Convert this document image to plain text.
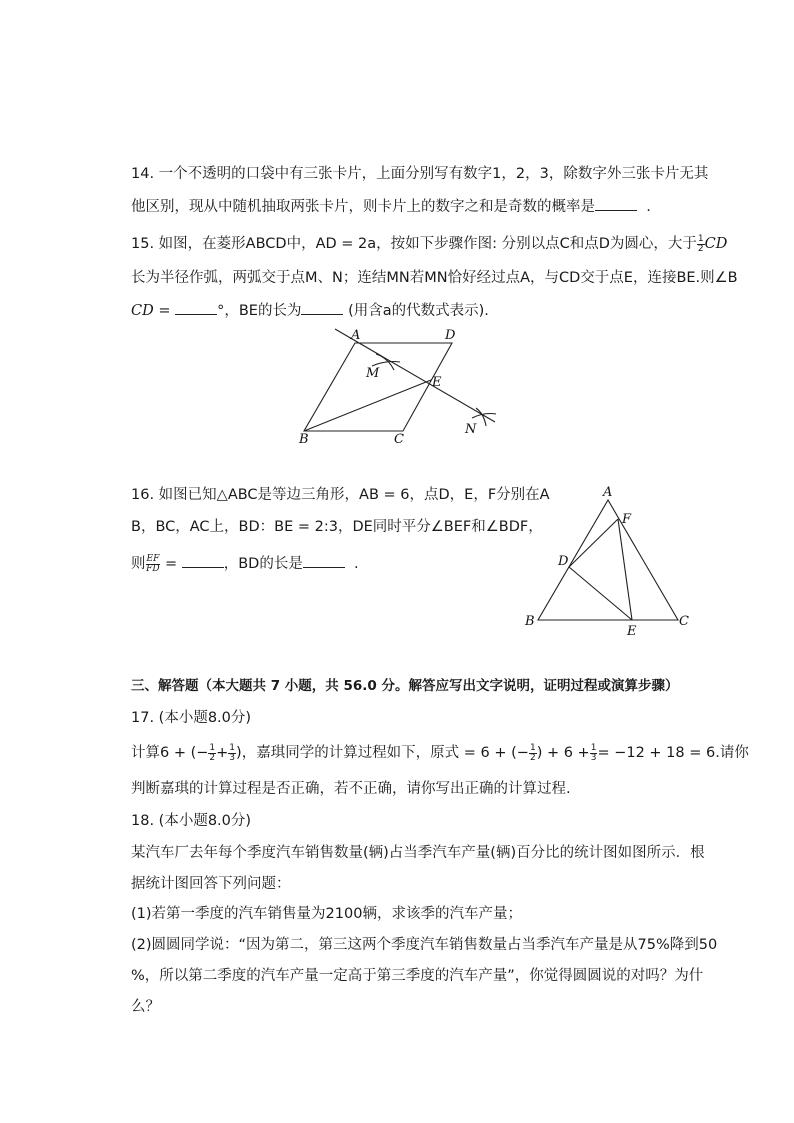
14. 一个不透明的口袋中有三张卡片，上面分别写有数字1，2，3，除数字外三张卡片无其
他区别，现从中随机抽取两张卡片，则卡片上的数字之和是奇数的概率是	.
15. 如图，在菱形ABCD中，AD = 2a，按如下步骤作图: 分别以点C和点D为圆心，大于 $\frac{1}{2}$ CD
长为半径作弧，两弧交于点M、N；连结MN若MN恰好经过点A，与CD交于点E，连接BE.则∠B
CD =	°，BE的长为	(用含a的代数式表示).
A	D
M
E
B	C
N
16. 如图已知△ABC是等边三角形，AB = 6，点D，E，F分别在A
B，BC，AC上，BD：BE = 2:3，DE同时平分∠BEF和∠BDF，
则 $\frac{EF}{FD}$ =	，BD的长是	.
A
F
D
B
E
C
三、解答题（本大题共 7 小题，共 56.0 分。解答应写出文字说明，证明过程或演算步骤）
17. (本小题8.0分)
计算6 + (− $\frac{1}{2} + \frac{1}{3}$ )，嘉琪同学的计算过程如下，原式 = 6 + (− $\frac{1}{2}$ ) + $6 + \frac{1}{3} = -12 + 18 = 6$.请你
判断嘉琪的计算过程是否正确，若不正确，请你写出正确的计算过程.
18. (本小题8.0分)
某汽车厂去年每个季度汽车销售数量(辆)占当季汽车产量(辆)百分比的统计图如图所示．根
据统计图回答下列问题：
(1)若第一季度的汽车销售量为2100辆，求该季的汽车产量；
(2)圆圆同学说：“因为第二，第三这两个季度汽车销售数量占当季汽车产量是从75%降到50
%，所以第二季度的汽车产量一定高于第三季度的汽车产量”，你觉得圆圆说的对吗？为什
么？
